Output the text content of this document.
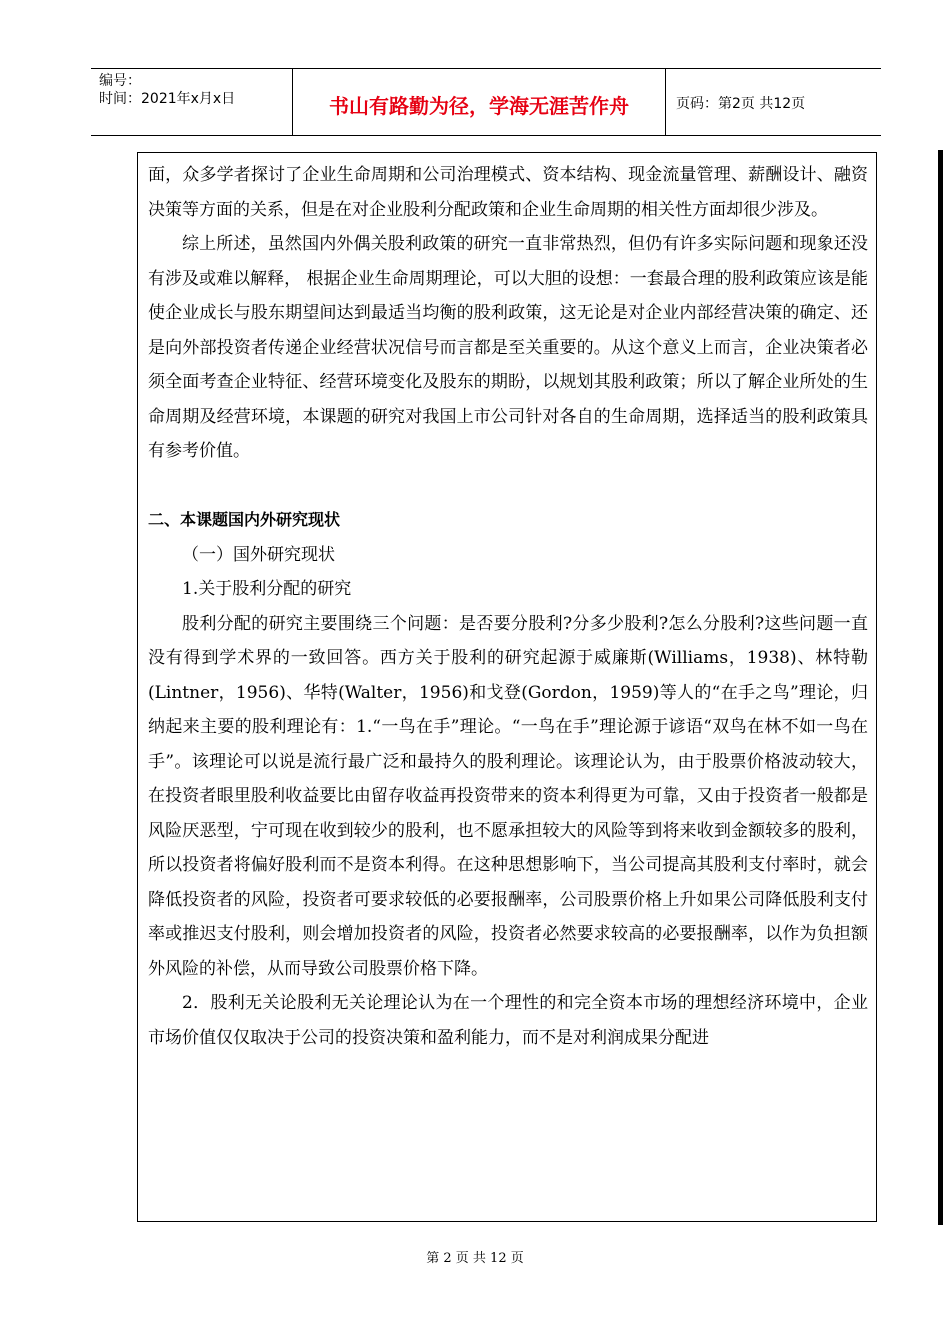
编号：
时间：2021年x月x日	书山有路勤为径，学海无涯苦作舟	页码：第2页 共12页

面，众多学者探讨了企业生命周期和公司治理模式、资本结构、现金流量管理、薪酬设计、融资决策等方面的关系，但是在对企业股利分配政策和企业生命周期的相关性方面却很少涉及。

综上所述，虽然国内外偶关股利政策的研究一直非常热烈，但仍有许多实际问题和现象还没有涉及或难以解释， 根据企业生命周期理论，可以大胆的设想：一套最合理的股利政策应该是能使企业成长与股东期望间达到最适当均衡的股利政策，这无论是对企业内部经营决策的确定、还是向外部投资者传递企业经营状况信号而言都是至关重要的。从这个意义上而言，企业决策者必须全面考查企业特征、经营环境变化及股东的期盼，以规划其股利政策；所以了解企业所处的生命周期及经营环境，本课题的研究对我国上市公司针对各自的生命周期，选择适当的股利政策具有参考价值。

二、本课题国内外研究现状

（一）国外研究现状

1.关于股利分配的研究

股利分配的研究主要围绕三个问题：是否要分股利?分多少股利?怎么分股利?这些问题一直没有得到学术界的一致回答。西方关于股利的研究起源于威廉斯(Williams，1938)、林特勒(Lintner，1956)、华特(Walter，1956)和戈登(Gordon，1959)等人的“在手之鸟”理论，归纳起来主要的股利理论有：1.“一鸟在手”理论。“一鸟在手”理论源于谚语“双鸟在林不如一鸟在手”。该理论可以说是流行最广泛和最持久的股利理论。该理论认为，由于股票价格波动较大，在投资者眼里股利收益要比由留存收益再投资带来的资本利得更为可靠，又由于投资者一般都是风险厌恶型，宁可现在收到较少的股利，也不愿承担较大的风险等到将来收到金额较多的股利，所以投资者将偏好股利而不是资本利得。在这种思想影响下，当公司提高其股利支付率时，就会降低投资者的风险，投资者可要求较低的必要报酬率，公司股票价格上升如果公司降低股利支付率或推迟支付股利，则会增加投资者的风险，投资者必然要求较高的必要报酬率，以作为负担额外风险的补偿，从而导致公司股票价格下降。

2．股利无关论股利无关论理论认为在一个理性的和完全资本市场的理想经济环境中，企业市场价值仅仅取决于公司的投资决策和盈利能力，而不是对利润成果分配进

第 2 页 共 12 页
